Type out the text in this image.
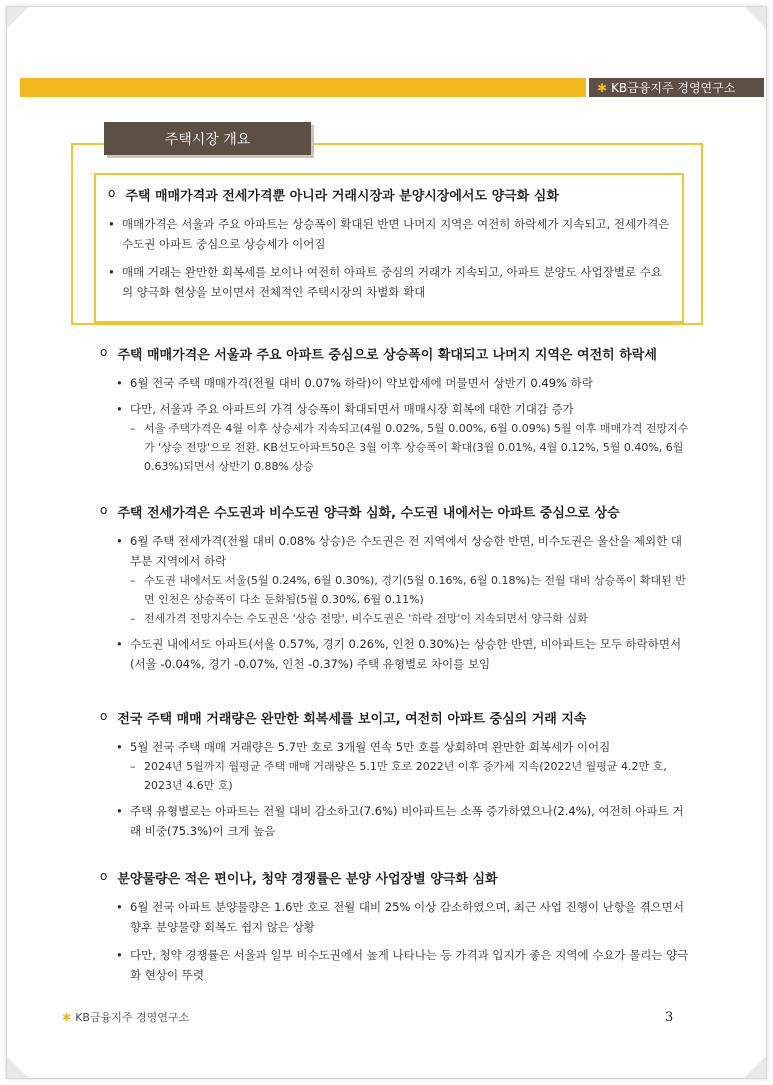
✱ KB금융지주 경영연구소
주택시장 개요
o 주택 매매가격과 전세가격뿐 아니라 거래시장과 분양시장에서도 양극화 심화
• 매매가격은 서울과 주요 아파트는 상승폭이 확대된 반면 나머지 지역은 여전히 하락세가 지속되고, 전세가격은 수도권 아파트 중심으로 상승세가 이어짐
• 매매 거래는 완만한 회복세를 보이나 여전히 아파트 중심의 거래가 지속되고, 아파트 분양도 사업장별로 수요의 양극화 현상을 보이면서 전체적인 주택시장의 차별화 확대
o 주택 매매가격은 서울과 주요 아파트 중심으로 상승폭이 확대되고 나머지 지역은 여전히 하락세
• 6월 전국 주택 매매가격(전월 대비 0.07% 하락)이 약보합세에 머물면서 상반기 0.49% 하락
• 다만, 서울과 주요 아파트의 가격 상승폭이 확대되면서 매매시장 회복에 대한 기대감 증가
– 서울 주택가격은 4월 이후 상승세가 지속되고(4월 0.02%, 5월 0.00%, 6월 0.09%) 5월 이후 매매가격 전망지수가 '상승 전망'으로 전환. KB선도아파트50은 3월 이후 상승폭이 확대(3월 0.01%, 4월 0.12%, 5월 0.40%, 6월 0.63%)되면서 상반기 0.88% 상승
o 주택 전세가격은 수도권과 비수도권 양극화 심화, 수도권 내에서는 아파트 중심으로 상승
• 6월 주택 전세가격(전월 대비 0.08% 상승)은 수도권은 전 지역에서 상승한 반면, 비수도권은 울산을 제외한 대부분 지역에서 하락
– 수도권 내에서도 서울(5월 0.24%, 6월 0.30%), 경기(5월 0.16%, 6월 0.18%)는 전월 대비 상승폭이 확대된 반면 인천은 상승폭이 다소 둔화됨(5월 0.30%, 6월 0.11%)
– 전세가격 전망지수는 수도권은 '상승 전망', 비수도권은 '하락 전망'이 지속되면서 양극화 심화
• 수도권 내에서도 아파트(서울 0.57%, 경기 0.26%, 인천 0.30%)는 상승한 반면, 비아파트는 모두 하락하면서(서울 -0.04%, 경기 -0.07%, 인천 -0.37%) 주택 유형별로 차이를 보임
o 전국 주택 매매 거래량은 완만한 회복세를 보이고, 여전히 아파트 중심의 거래 지속
• 5월 전국 주택 매매 거래량은 5.7만 호로 3개월 연속 5만 호를 상회하며 완만한 회복세가 이어짐
– 2024년 5월까지 월평균 주택 매매 거래량은 5.1만 호로 2022년 이후 증가세 지속(2022년 월평균 4.2만 호, 2023년 4.6만 호)
• 주택 유형별로는 아파트는 전월 대비 감소하고(7.6%) 비아파트는 소폭 증가하였으나(2.4%), 여전히 아파트 거래 비중(75.3%)이 크게 높음
o 분양물량은 적은 편이나, 청약 경쟁률은 분양 사업장별 양극화 심화
• 6월 전국 아파트 분양물량은 1.6만 호로 전월 대비 25% 이상 감소하였으며, 최근 사업 진행이 난항을 겪으면서 향후 분양물량 회복도 쉽지 않은 상황
• 다만, 청약 경쟁률은 서울과 일부 비수도권에서 높게 나타나는 등 가격과 입지가 좋은 지역에 수요가 몰리는 양극화 현상이 뚜렷
✱ KB금융지주 경영연구소	3
